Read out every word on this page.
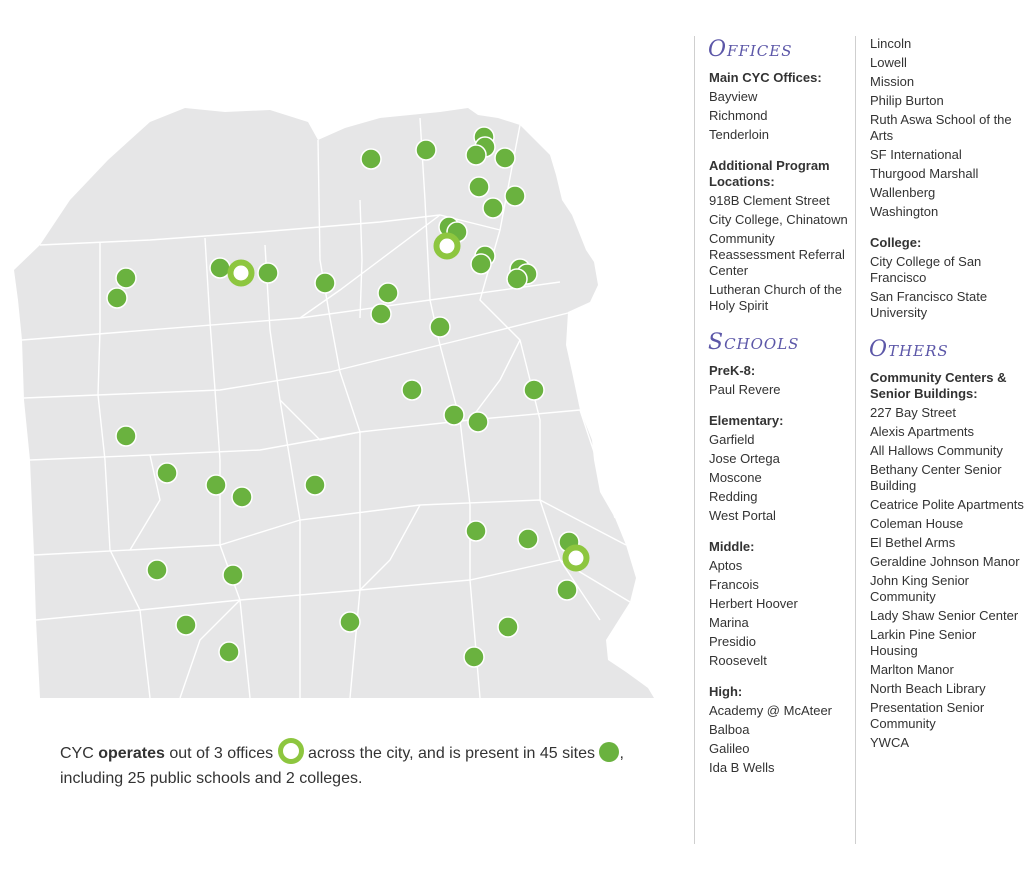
CYC operates out of 3 offices  across the city, and is present in 45 sites ,
including 25 public schools and 2 colleges.
Offices
Main CYC Offices:
Bayview
Richmond
Tenderloin
Additional Program Locations:
918B Clement Street
City College, Chinatown
Community Reassessment Referral Center
Lutheran Church of the Holy Spirit
Schools
PreK-8:
Paul Revere
Elementary:
Garfield
Jose Ortega
Moscone
Redding
West Portal
Middle:
Aptos
Francois
Herbert Hoover
Marina
Presidio
Roosevelt
High:
Academy @ McAteer
Balboa
Galileo
Ida B Wells
Lincoln
Lowell
Mission
Philip Burton
Ruth Aswa School of the Arts
SF International
Thurgood Marshall
Wallenberg
Washington
College:
City College of San Francisco
San Francisco State University
Others
Community Centers & Senior Buildings:
227 Bay Street
Alexis Apartments
All Hallows Community
Bethany Center Senior Building
Ceatrice Polite Apartments
Coleman House
El Bethel Arms
Geraldine Johnson Manor
John King Senior Community
Lady Shaw Senior Center
Larkin Pine Senior Housing
Marlton Manor
North Beach Library
Presentation Senior Community
YWCA
